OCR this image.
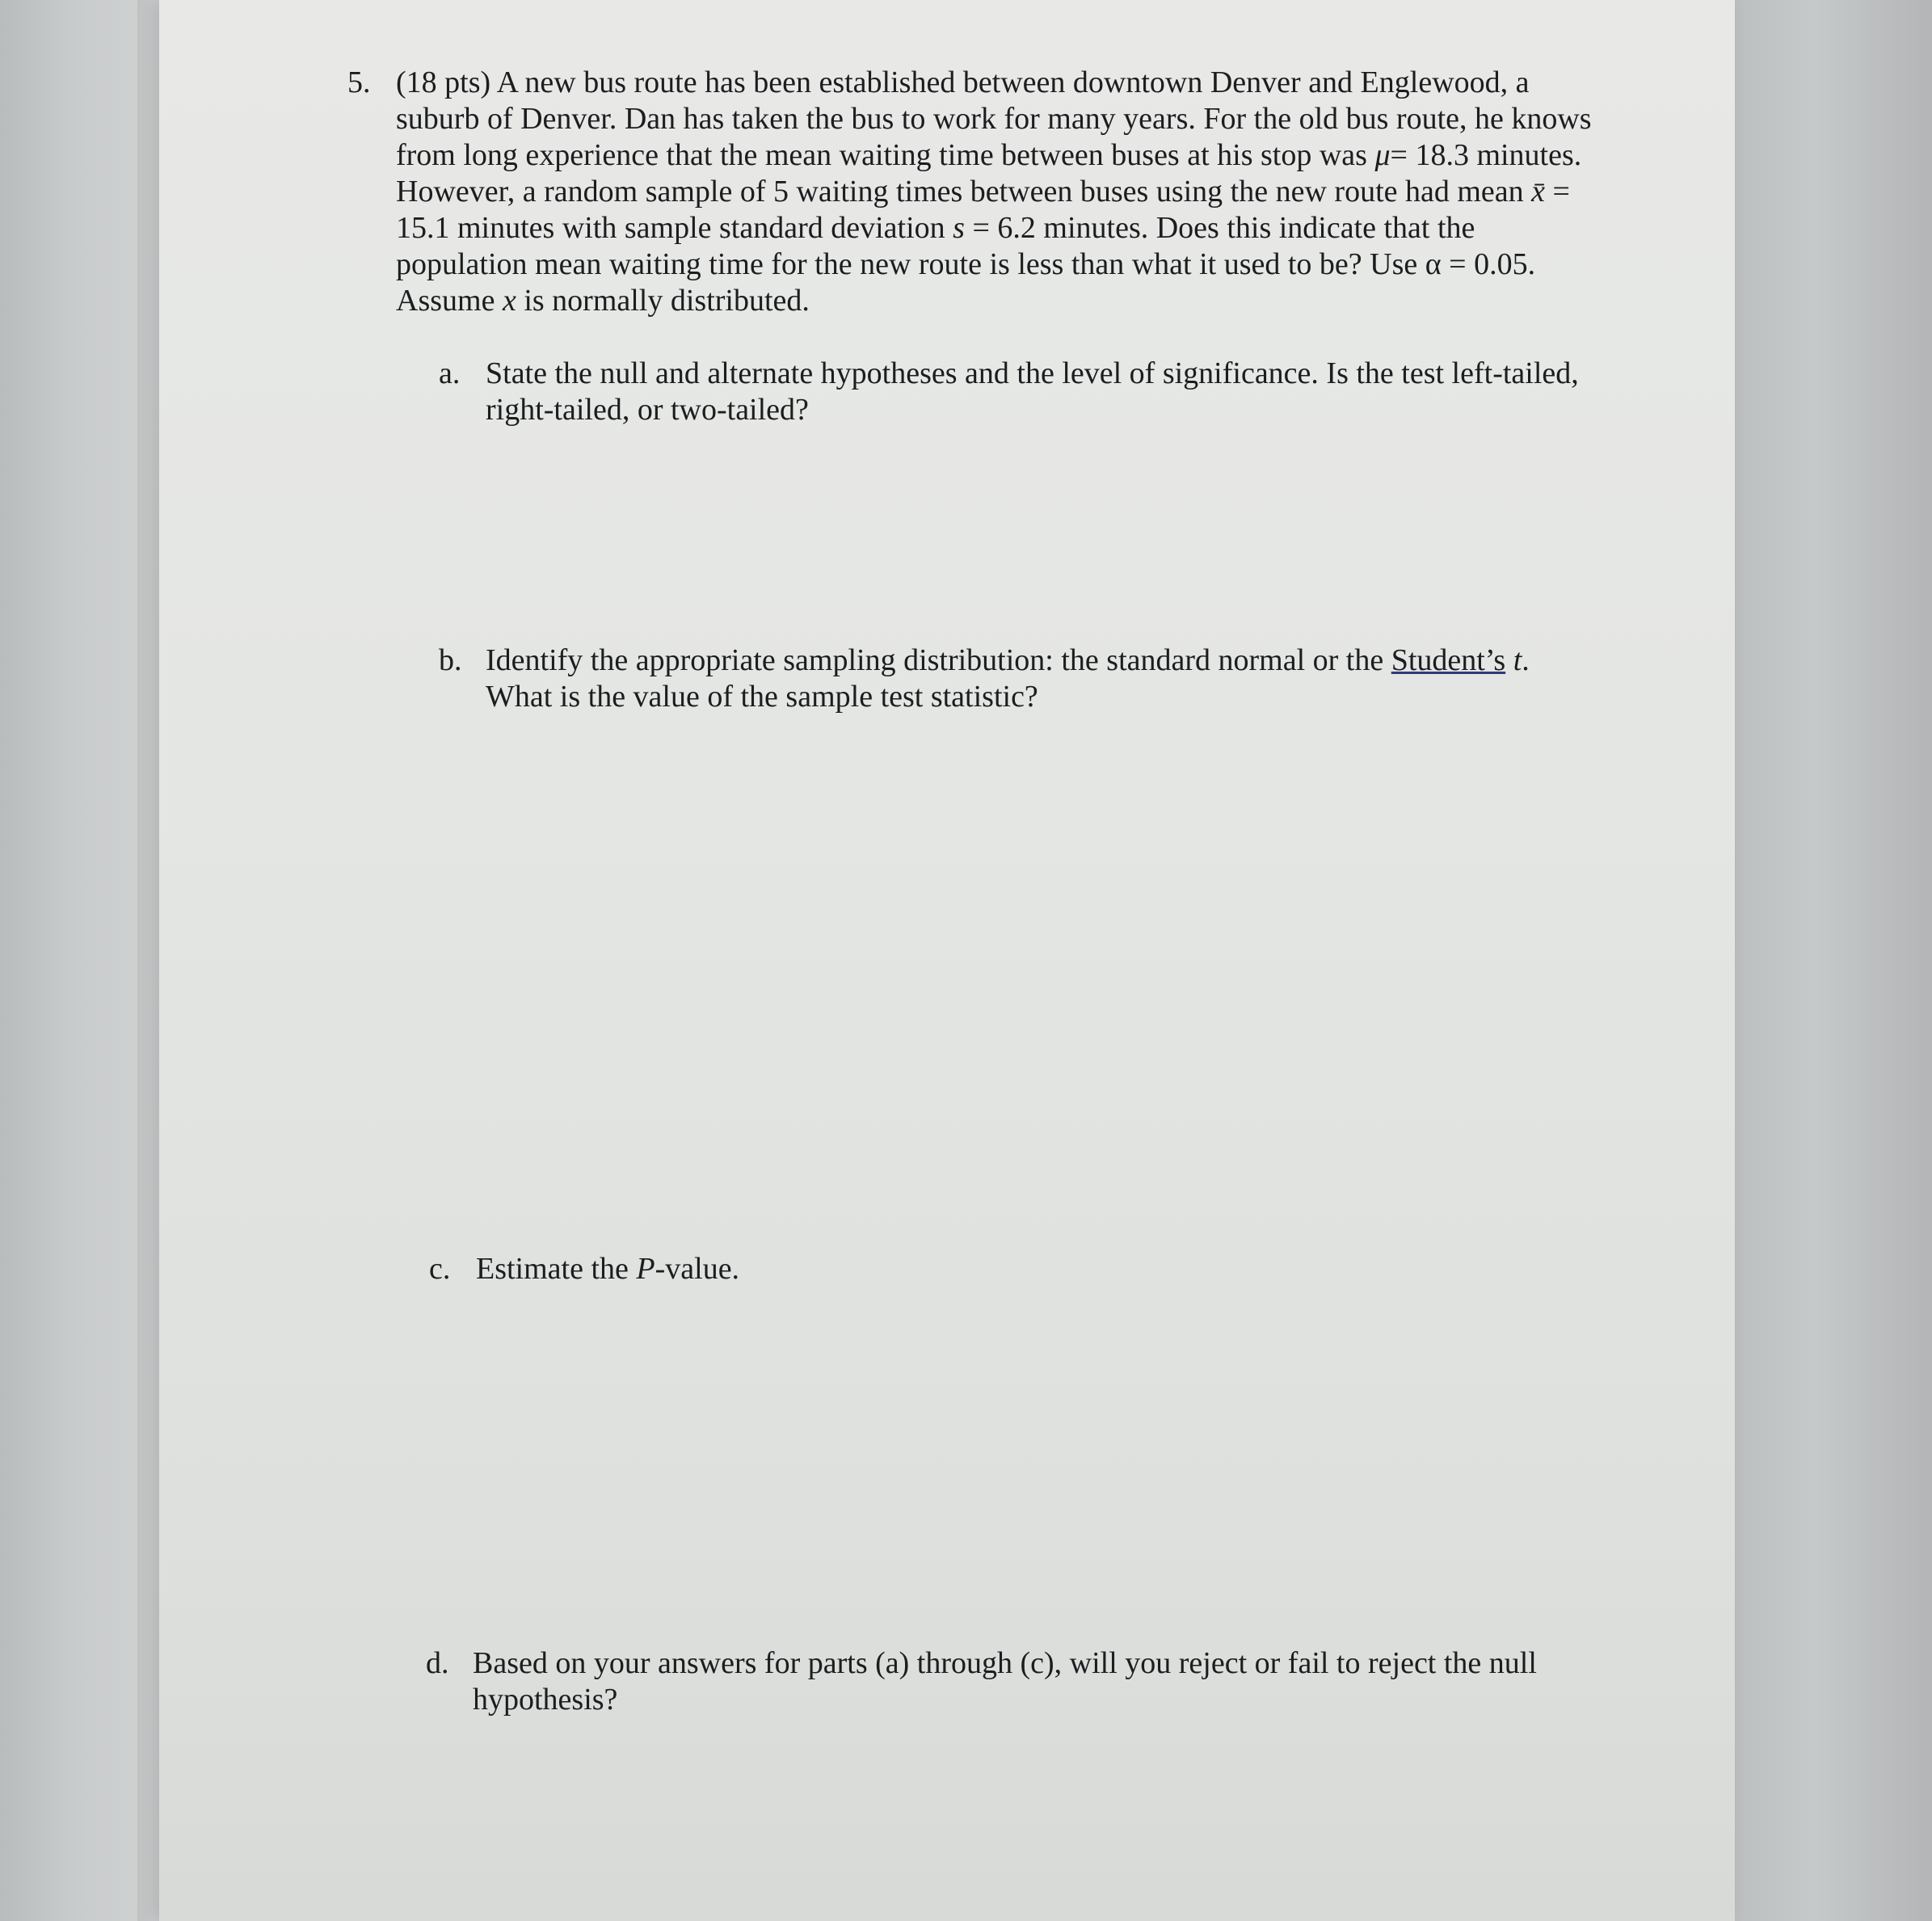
5. (18 pts) A new bus route has been established between downtown Denver and Englewood, a suburb of Denver. Dan has taken the bus to work for many years. For the old bus route, he knows from long experience that the mean waiting time between buses at his stop was μ= 18.3 minutes. However, a random sample of 5 waiting times between buses using the new route had mean x̄ = 15.1 minutes with sample standard deviation s = 6.2 minutes. Does this indicate that the population mean waiting time for the new route is less than what it used to be? Use α = 0.05. Assume x is normally distributed.

a. State the null and alternate hypotheses and the level of significance. Is the test left-tailed, right-tailed, or two-tailed?
b. Identify the appropriate sampling distribution: the standard normal or the Student’s t. What is the value of the sample test statistic?

c. Estimate the P-value.

d. Based on your answers for parts (a) through (c), will you reject or fail to reject the null hypothesis?
